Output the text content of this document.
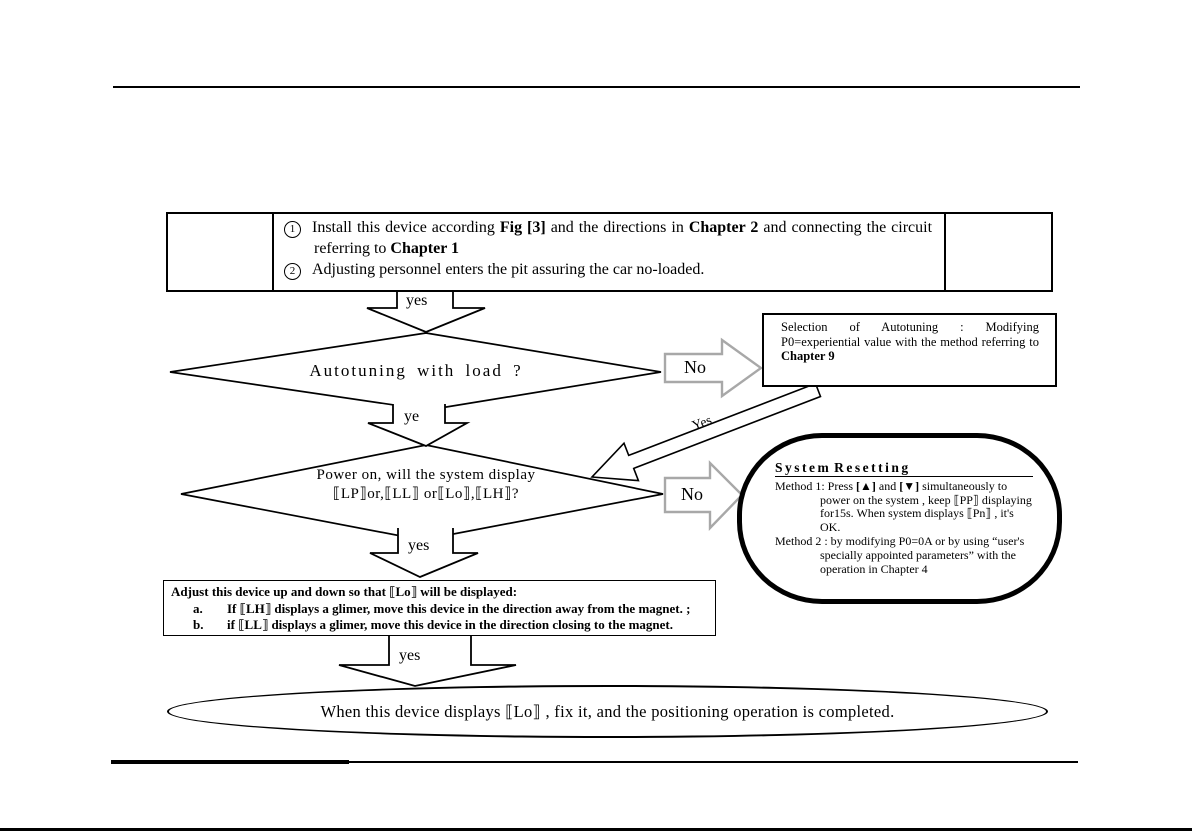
1 Install this device according Fig [3] and the directions in Chapter 2 and connecting the circuit referring to Chapter 1

2 Adjusting personnel enters the pit assuring the car no-loaded.

Selection of Autotuning : Modifying P0=experiential value with the method referring to Chapter 9
System Resetting

Method 1: Press [▲] and [▼] simultaneously to power on the system , keep ⟦PP⟧ displaying for15s. When system displays ⟦Pn⟧ , it's OK.

Method 2 : by modifying P0=0A or by using “user's specially appointed parameters” with the operation in Chapter 4

Adjust this device up and down so that ⟦Lo⟧ will be displayed:

a. If ⟦LH⟧ displays a glimer, move this device in the direction away from the magnet. ;

b. if ⟦LL⟧ displays a glimer, move this device in the direction closing to the magnet.

Autotuning with load ?
Power on, will the system display
⟦LP⟧or,⟦LL⟧ or⟦Lo⟧,⟦LH⟧?
When this device displays ⟦Lo⟧ , fix it, and the positioning operation is completed.
yes
No
ye	Yes
No
yes
yes
